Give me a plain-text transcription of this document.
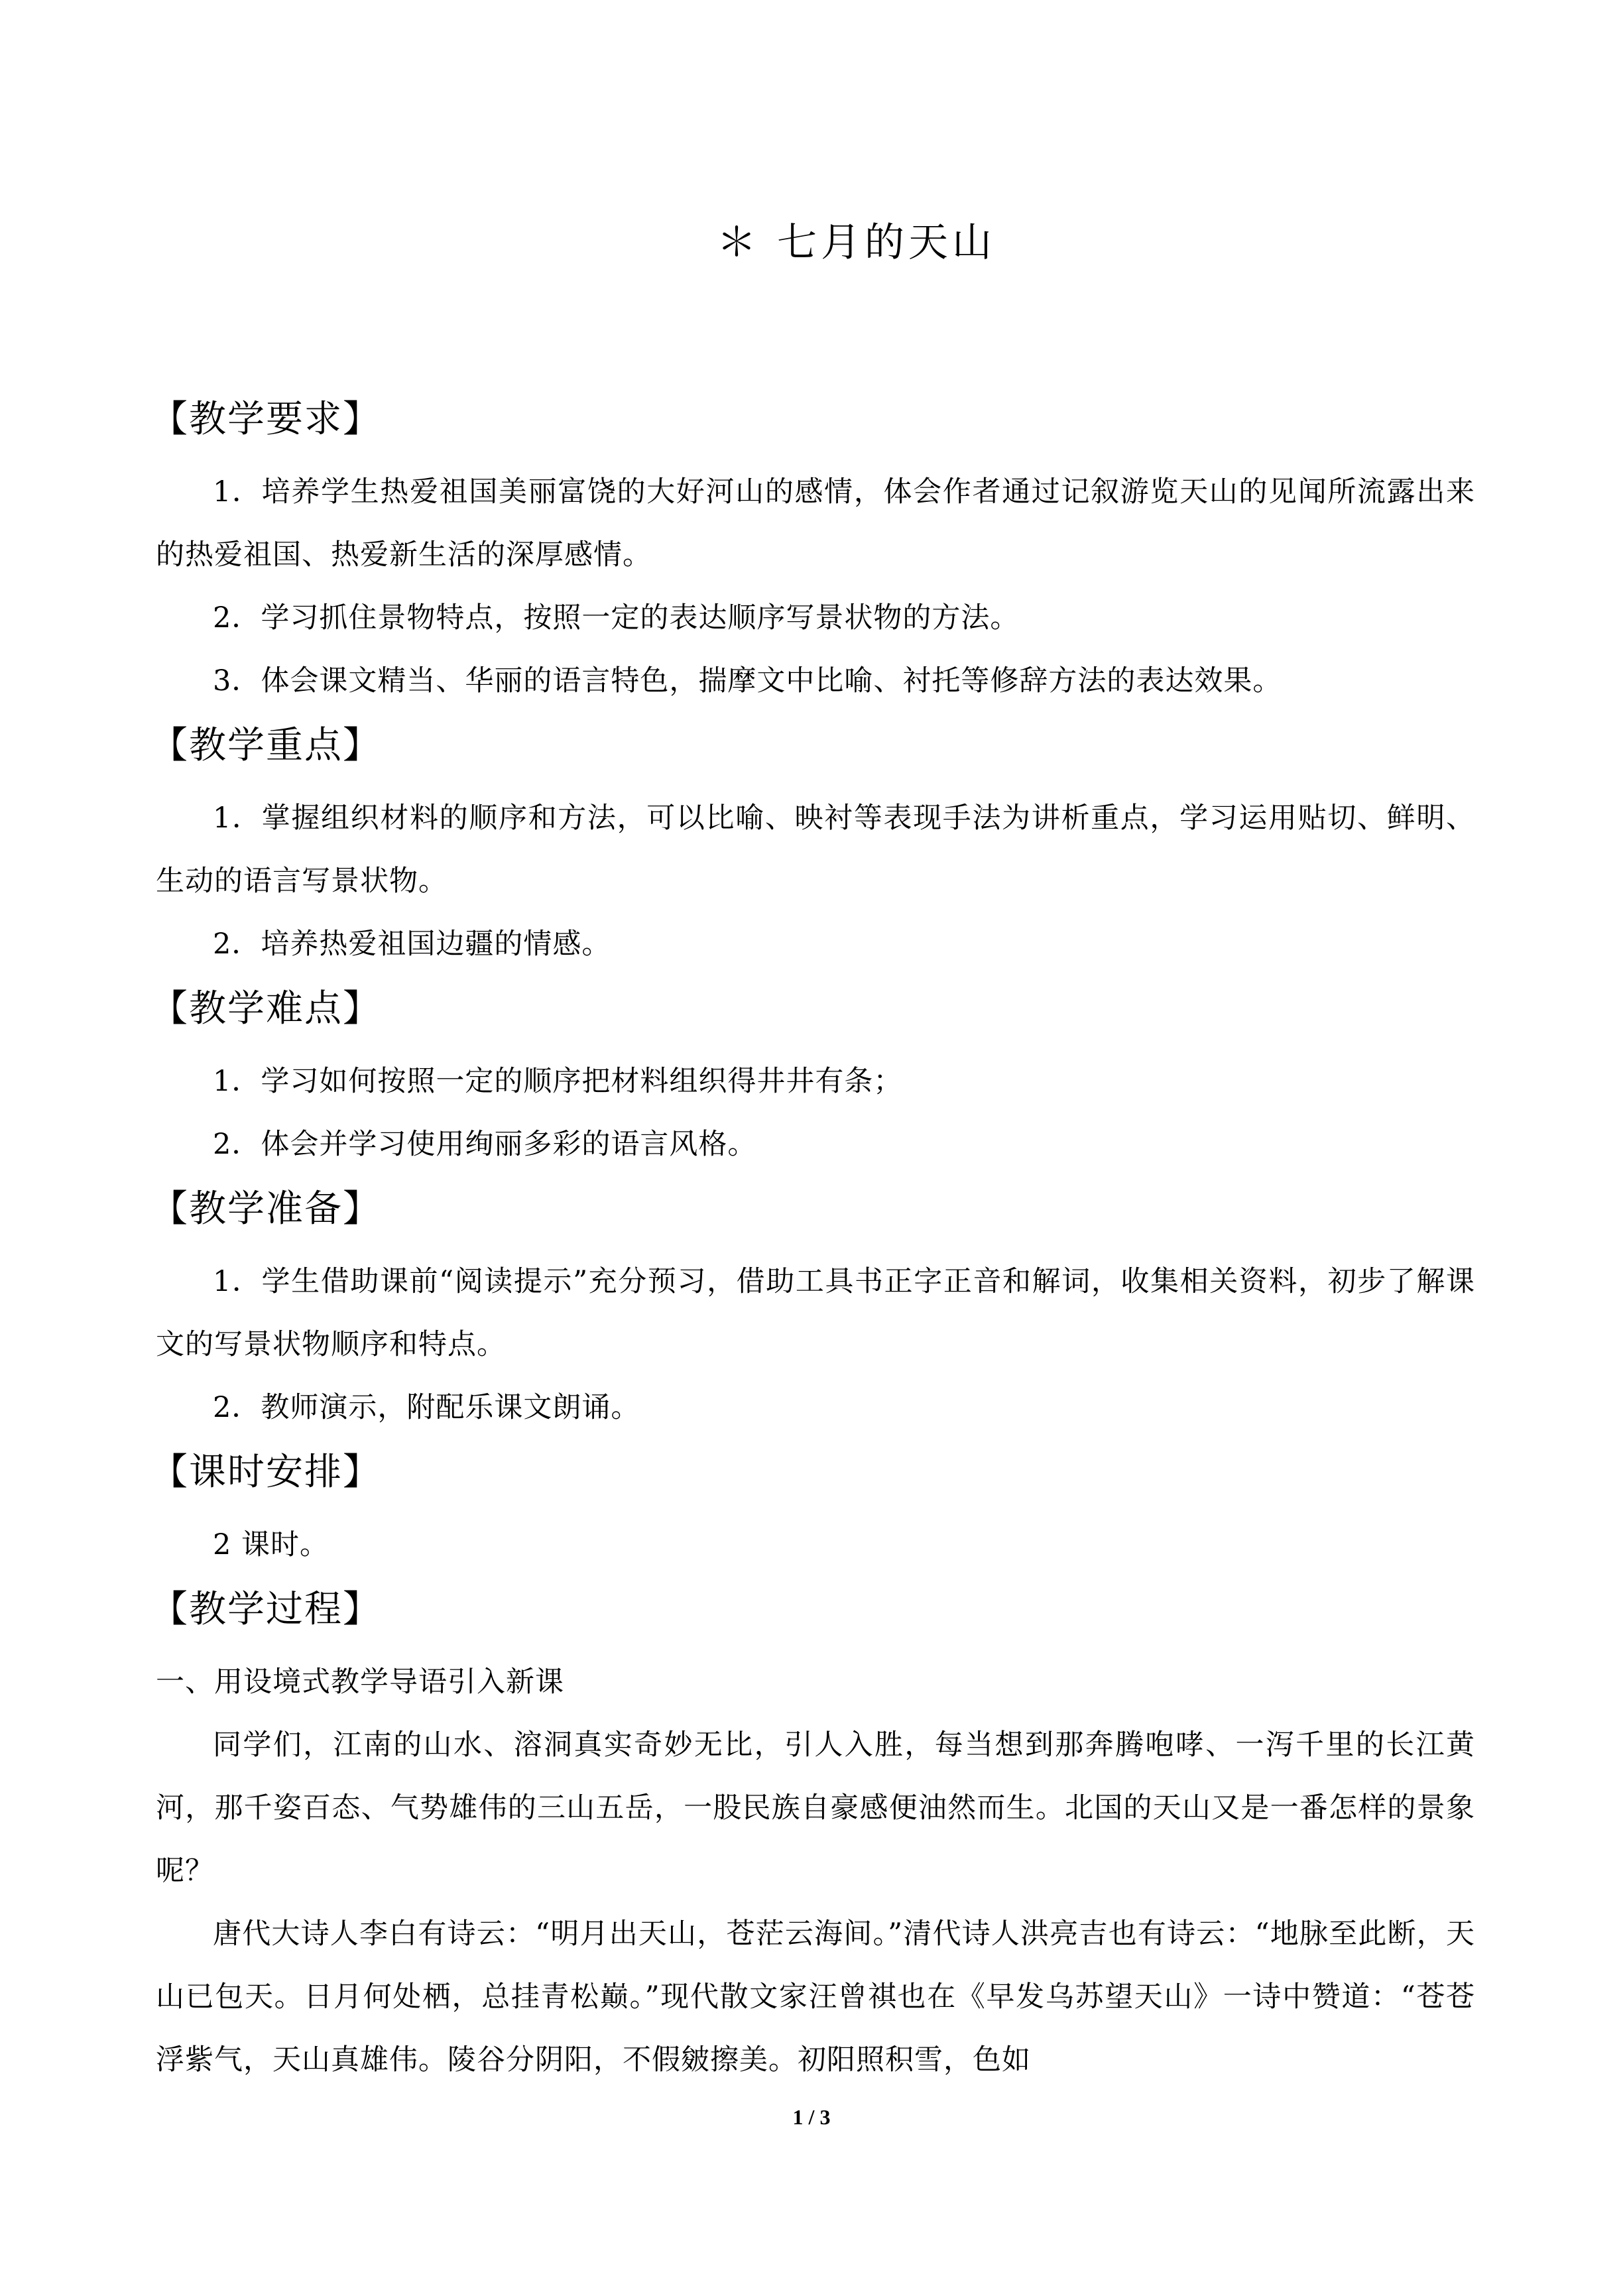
＊ 七月的天山
【教学要求】
1．培养学生热爱祖国美丽富饶的大好河山的感情，体会作者通过记叙游览天山的见闻所流露出来的热爱祖国、热爱新生活的深厚感情。
2．学习抓住景物特点，按照一定的表达顺序写景状物的方法。
3．体会课文精当、华丽的语言特色，揣摩文中比喻、衬托等修辞方法的表达效果。
【教学重点】
1．掌握组织材料的顺序和方法，可以比喻、映衬等表现手法为讲析重点，学习运用贴切、鲜明、生动的语言写景状物。
2．培养热爱祖国边疆的情感。
【教学难点】
1．学习如何按照一定的顺序把材料组织得井井有条；
2．体会并学习使用绚丽多彩的语言风格。
【教学准备】
1．学生借助课前“阅读提示”充分预习，借助工具书正字正音和解词，收集相关资料，初步了解课文的写景状物顺序和特点。
2．教师演示，附配乐课文朗诵。
【课时安排】
2 课时。
【教学过程】
一、用设境式教学导语引入新课
同学们，江南的山水、溶洞真实奇妙无比，引人入胜，每当想到那奔腾咆哮、一泻千里的长江黄河，那千姿百态、气势雄伟的三山五岳，一股民族自豪感便油然而生。北国的天山又是一番怎样的景象呢？
唐代大诗人李白有诗云：“明月出天山，苍茫云海间。”清代诗人洪亮吉也有诗云：“地脉至此断，天山已包天。日月何处栖，总挂青松巅。”现代散文家汪曾祺也在《早发乌苏望天山》一诗中赞道：“苍苍浮紫气，天山真雄伟。陵谷分阴阳，不假皴擦美。初阳照积雪，色如
1 / 3
